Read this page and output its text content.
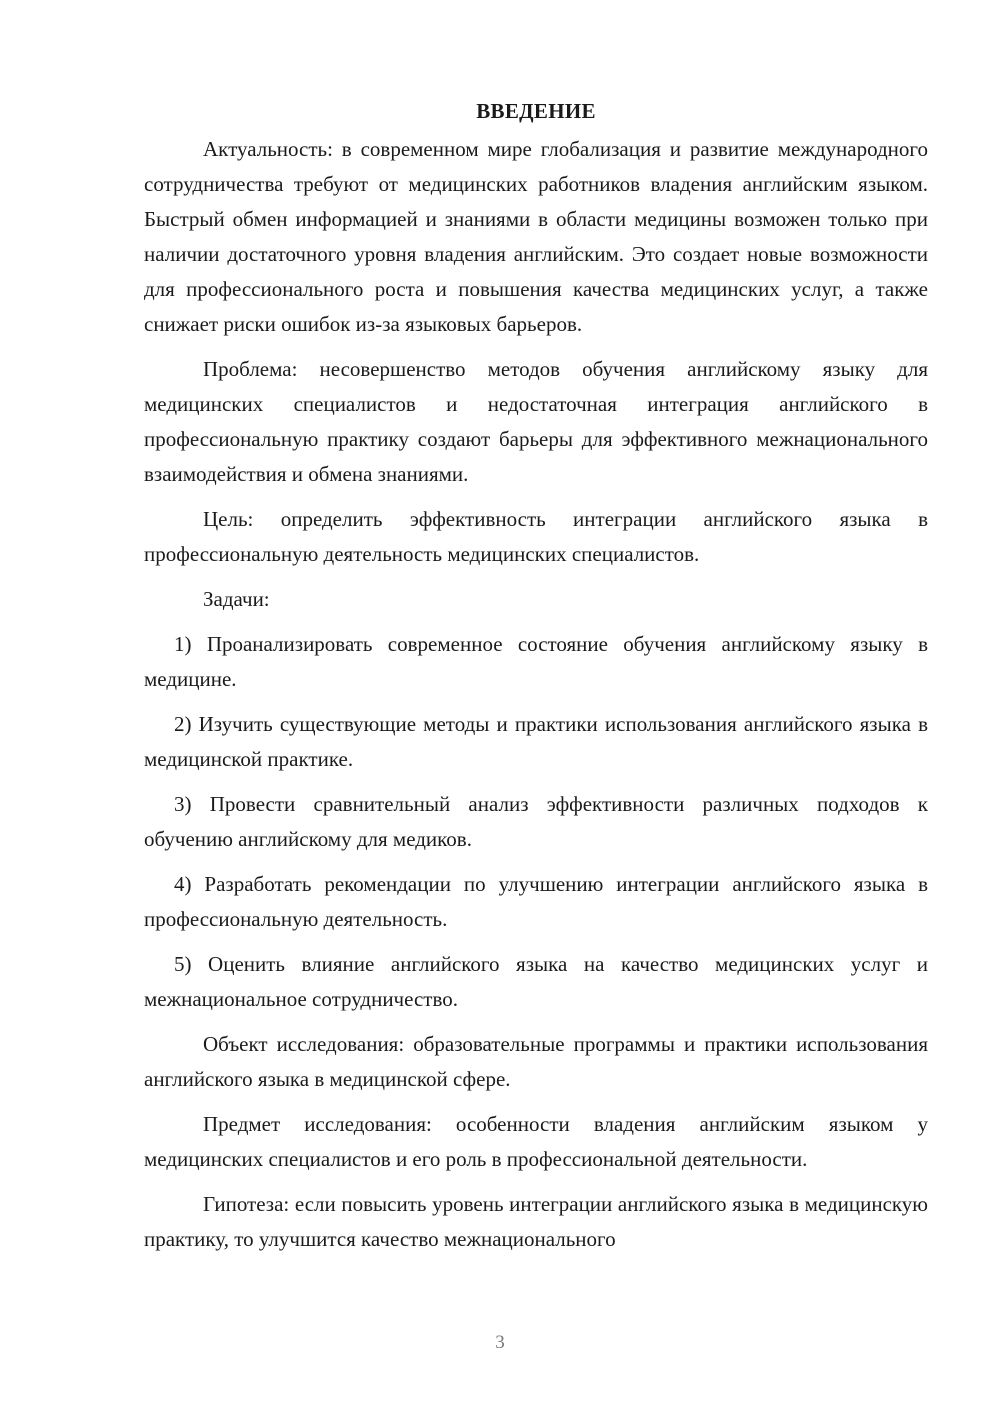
ВВЕДЕНИЕ

Актуальность: в современном мире глобализация и развитие международного сотрудничества требуют от медицинских работников владения английским языком. Быстрый обмен информацией и знаниями в области медицины возможен только при наличии достаточного уровня владения английским. Это создает новые возможности для профессионального роста и повышения качества медицинских услуг, а также снижает риски ошибок из-за языковых барьеров.

Проблема: несовершенство методов обучения английскому языку для медицинских специалистов и недостаточная интеграция английского в профессиональную практику создают барьеры для эффективного межнационального взаимодействия и обмена знаниями.

Цель: определить эффективность интеграции английского языка в профессиональную деятельность медицинских специалистов.

Задачи:

1) Проанализировать современное состояние обучения английскому языку в медицине.

2) Изучить существующие методы и практики использования английского языка в медицинской практике.

3) Провести сравнительный анализ эффективности различных подходов к обучению английскому для медиков.

4) Разработать рекомендации по улучшению интеграции английского языка в профессиональную деятельность.

5) Оценить влияние английского языка на качество медицинских услуг и межнациональное сотрудничество.

Объект исследования: образовательные программы и практики использования английского языка в медицинской сфере.

Предмет исследования: особенности владения английским языком у медицинских специалистов и его роль в профессиональной деятельности.

Гипотеза: если повысить уровень интеграции английского языка в медицинскую практику, то улучшится качество межнационального

3
